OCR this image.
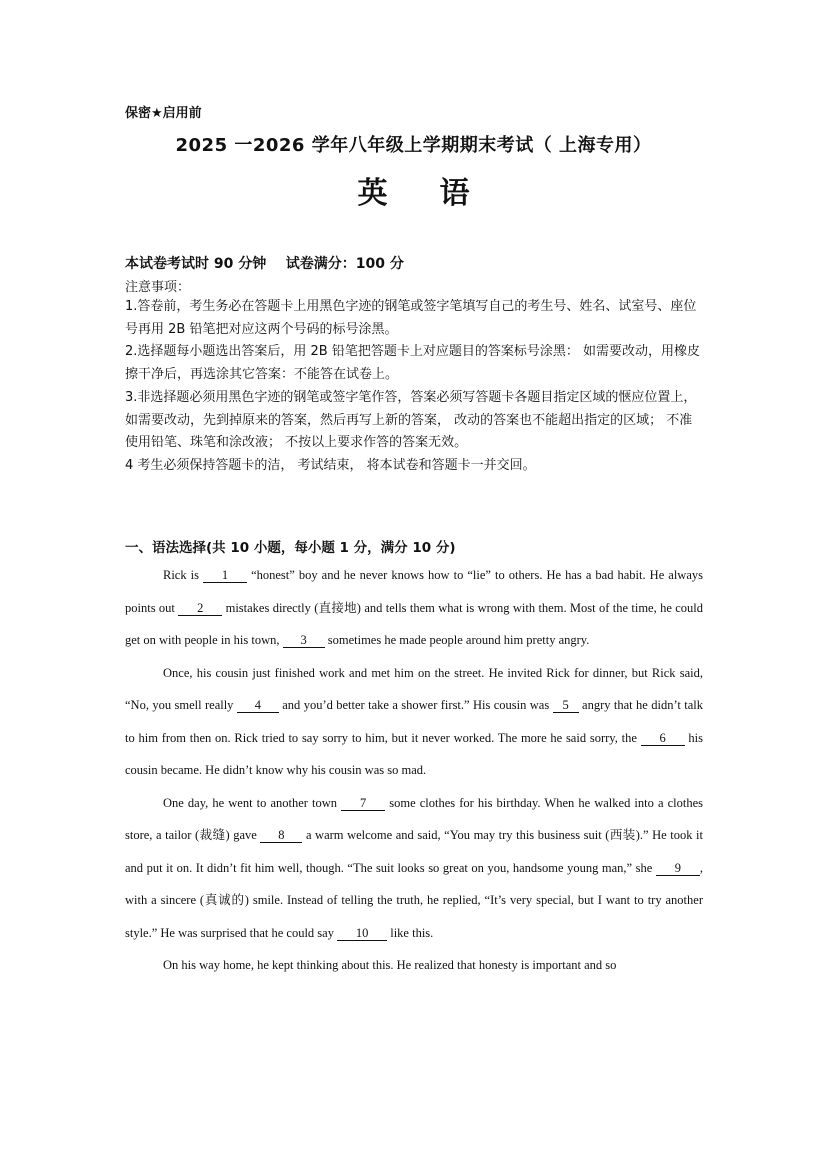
保密★启用前
2025 一2026 学年八年级上学期期末考试（ 上海专用）
英语
本试卷考试时 90 分钟    试卷满分：100 分
注意事项：

1.答卷前，考生务必在答题卡上用黑色字迹的钢笔或签字笔填写自己的考生号、姓名、试室号、座位号再用 2B 铅笔把对应这两个号码的标号涂黑。

2.选择题每小题选出答案后，用 2B 铅笔把答题卡上对应题目的答案标号涂黑： 如需要改动，用橡皮擦干净后，再选涂其它答案：不能答在试卷上。

3.非选择题必须用黑色字迹的钢笔或签字笔作答，答案必须写答题卡各题目指定区域的惬应位置上，如需要改动，先到掉原来的答案，然后再写上新的答案， 改动的答案也不能超出指定的区域； 不准使用铅笔、珠笔和涂改液； 不按以上要求作答的答案无效。

4 考生必须保持答题卡的洁， 考试结束， 将本试卷和答题卡一并交回。

一、语法选择(共 10 小题，每小题 1 分，满分 10 分)

Rick is 1 “honest” boy and he never knows how to “lie” to others. He has a bad habit. He always points out 2 mistakes directly (直接地) and tells them what is wrong with them. Most of the time, he could get on with people in his town, 3 sometimes he made people around him pretty angry.

Once, his cousin just finished work and met him on the street. He invited Rick for dinner, but Rick said, “No, you smell really 4 and you’d better take a shower first.” His cousin was 5 angry that he didn’t talk to him from then on. Rick tried to say sorry to him, but it never worked. The more he said sorry, the 6 his cousin became. He didn’t know why his cousin was so mad.

One day, he went to another town 7 some clothes for his birthday. When he walked into a clothes store, a tailor (裁缝) gave 8 a warm welcome and said, “You may try this business suit (西装).” He took it and put it on. It didn’t fit him well, though. “The suit looks so great on you, handsome young man,” she 9 , with a sincere (真诚的) smile. Instead of telling the truth, he replied, “It’s very special, but I want to try another style.” He was surprised that he could say 10 like this.

On his way home, he kept thinking about this. He realized that honesty is important and so
